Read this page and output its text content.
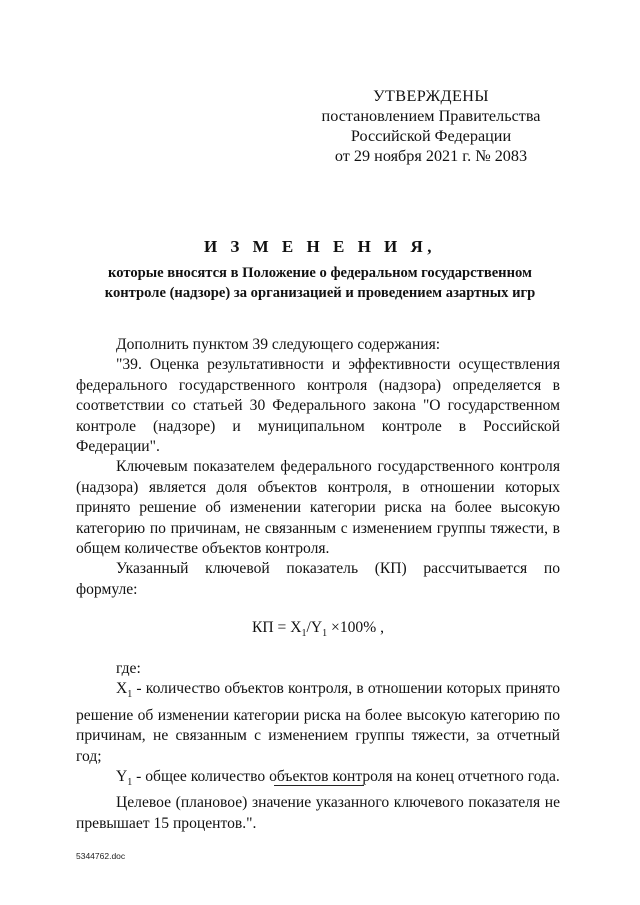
УТВЕРЖДЕНЫ
постановлением Правительства
Российской Федерации
от 29 ноября 2021 г. № 2083
И З М Е Н Е Н И Я,
которые вносятся в Положение о федеральном государственном
контроле (надзоре) за организацией и проведением азартных игр

Дополнить пунктом 39 следующего содержания:

"39. Оценка результативности и эффективности осуществления федерального государственного контроля (надзора) определяется в соответствии со статьей 30 Федерального закона "О государственном контроле (надзоре) и муниципальном контроле в Российской Федерации".

Ключевым показателем федерального государственного контроля (надзора) является доля объектов контроля, в отношении которых принято решение об изменении категории риска на более высокую категорию по причинам, не связанным с изменением группы тяжести, в общем количестве объектов контроля.

Указанный ключевой показатель (КП) рассчитывается по формуле:

КП = $X_1/Y_1 \times 100\%$ ,

где:

$X_1$ - количество объектов контроля, в отношении которых принято решение об изменении категории риска на более высокую категорию по причинам, не связанным с изменением группы тяжести, за отчетный год;

$Y_1$ - общее количество объектов контроля на конец отчетного года.

Целевое (плановое) значение указанного ключевого показателя не превышает 15 процентов.".

5344762.doc
